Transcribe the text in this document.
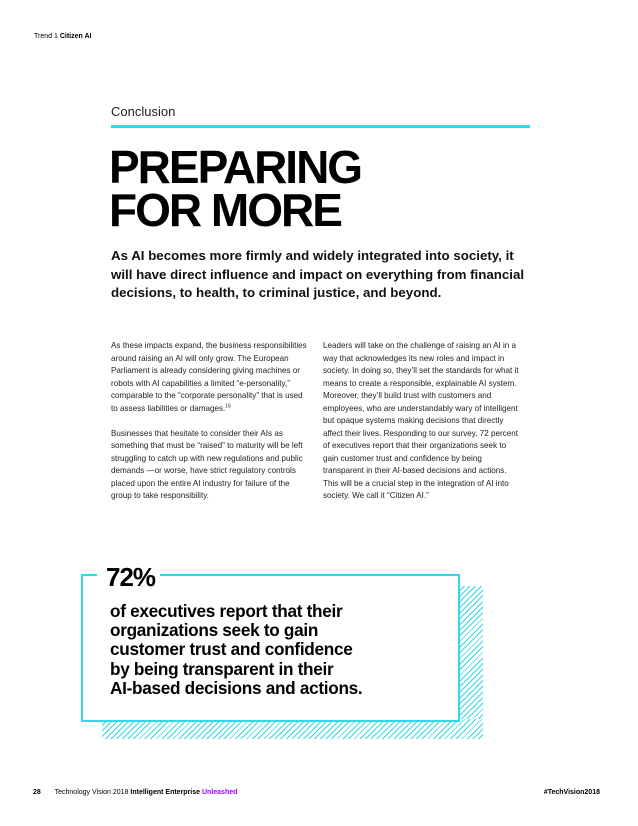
Trend 1 Citizen AI
Conclusion
PREPARING
FOR MORE

As AI becomes more firmly and widely integrated into society, it will have direct influence and impact on everything from financial decisions, to health, to criminal justice, and beyond.

As these impacts expand, the business responsibilities around raising an AI will only grow. The European Parliament is already considering giving machines or robots with AI capabilities a limited “e-personality,” comparable to the “corporate personality” that is used to assess liabilities or damages.$^{16}$

Businesses that hesitate to consider their AIs as something that must be “raised” to maturity will be left struggling to catch up with new regulations and public demands —or worse, have strict regulatory controls placed upon the entire AI industry for failure of the group to take responsibility.

Leaders will take on the challenge of raising an AI in a way that acknowledges its new roles and impact in society. In doing so, they’ll set the standards for what it means to create a responsible, explainable AI system. Moreover, they’ll build trust with customers and employees, who are understandably wary of intelligent but opaque systems making decisions that directly affect their lives. Responding to our survey, 72 percent of executives report that their organizations seek to gain customer trust and confidence by being transparent in their AI-based decisions and actions. This will be a crucial step in the integration of AI into society. We call it “Citizen AI.”

72%

of executives report that their
organizations seek to gain
customer trust and confidence
by being transparent in their
AI-based decisions and actions.

28 Technology Vision 2018 Intelligent Enterprise Unleashed	#TechVision2018
